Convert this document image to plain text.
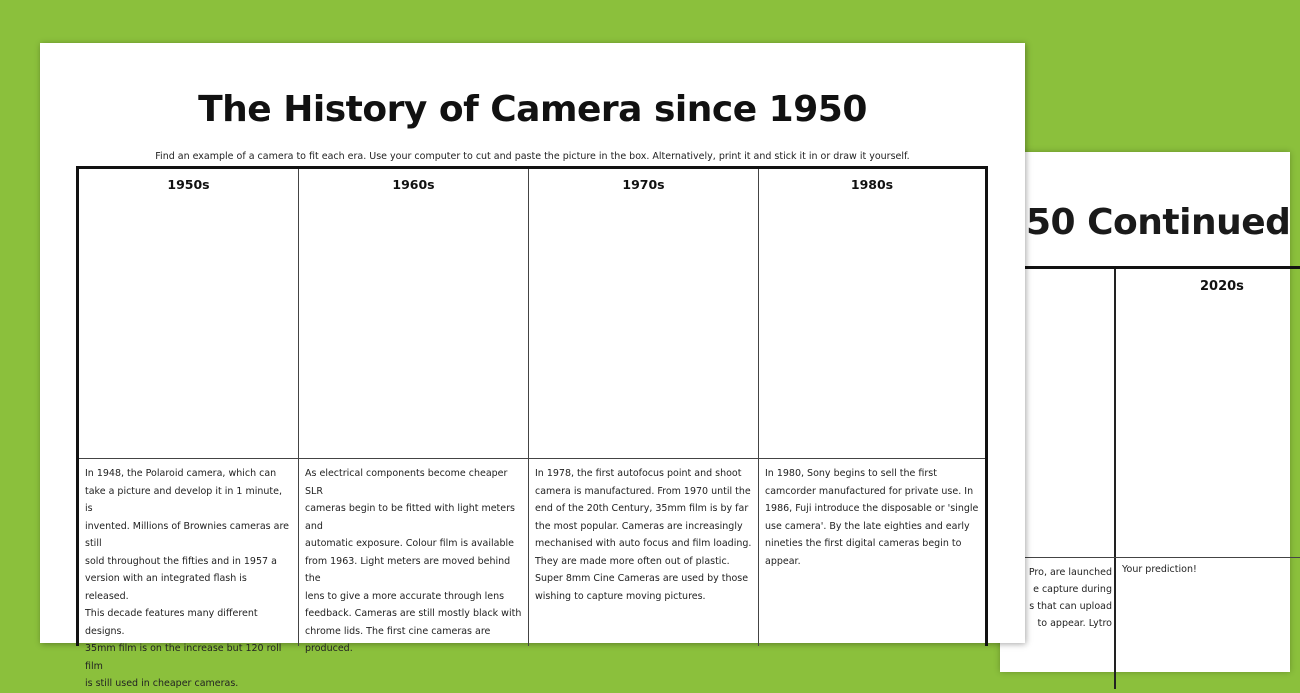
50 Continued
2020s
Pro, are launched
e capture during
s that can upload
to appear. Lytro
Your prediction!
The History of Camera since 1950
Find an example of a camera to fit each era. Use your computer to cut and paste the picture in the box. Alternatively, print it and stick it in or draw it yourself.
1950s
In 1948, the Polaroid camera, which can
take a picture and develop it in 1 minute, is
invented. Millions of Brownies cameras are still
sold throughout the fifties and in 1957 a
version with an integrated flash is released.
This decade features many different designs.
35mm film is on the increase but 120 roll film
is still used in cheaper cameras.
1960s
As electrical components become cheaper SLR
cameras begin to be fitted with light meters and
automatic exposure. Colour film is available
from 1963. Light meters are moved behind the
lens to give a more accurate through lens
feedback. Cameras are still mostly black with
chrome lids. The first cine cameras are
produced.
1970s
In 1978, the first autofocus point and shoot
camera is manufactured. From 1970 until the
end of the 20th Century, 35mm film is by far
the most popular. Cameras are increasingly
mechanised with auto focus and film loading.
They are made more often out of plastic.
Super 8mm Cine Cameras are used by those
wishing to capture moving pictures.
1980s
In 1980, Sony begins to sell the first
camcorder manufactured for private use. In
1986, Fuji introduce the disposable or 'single
use camera'. By the late eighties and early
nineties the first digital cameras begin to
appear.
